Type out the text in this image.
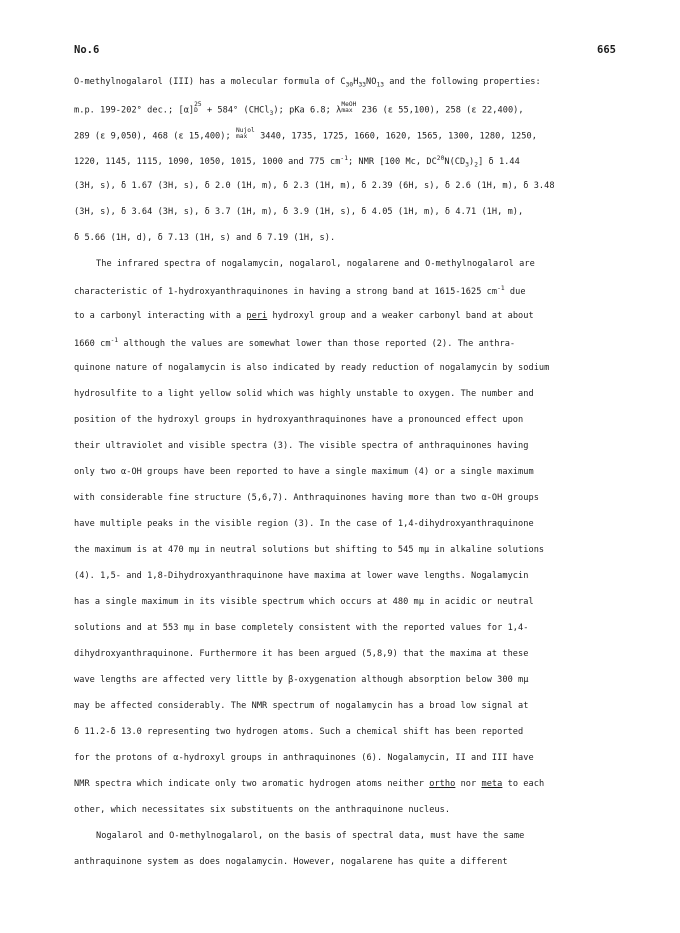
No.6	665
O-methylnogalarol (III) has a molecular formula of $C_{30}H_{33}NO_{13}$ and the following properties:
m.p. 199-202° dec.; [α]
25
D + 584° (CHCl$_3$); pKa 6.8; λ
MeOH
max 236 (ε 55,100), 258 (ε 22,400),
289 (ε 9,050), 468 (ε 15,400);
Nujol
max 3440, 1735, 1725, 1660, 1620, 1565, 1300, 1280, 1250,
1220, 1145, 1115, 1090, 1050, 1015, 1000 and 775 $cm^{-1}$; NMR [100 Mc, $DC^{20}N(CD_3)_2$] δ 1.44
(3H, s), δ 1.67 (3H, s), δ 2.0 (1H, m), δ 2.3 (1H, m), δ 2.39 (6H, s), δ 2.6 (1H, m), δ 3.48
(3H, s), δ 3.64 (3H, s), δ 3.7 (1H, m), δ 3.9 (1H, s), δ 4.05 (1H, m), δ 4.71 (1H, m),
δ 5.66 (1H, d), δ 7.13 (1H, s) and δ 7.19 (1H, s).
The infrared spectra of nogalamycin, nogalarol, nogalarene and O-methylnogalarol are
characteristic of 1-hydroxyanthraquinones in having a strong band at 1615-1625 $cm^{-1}$ due
to a carbonyl interacting with a peri hydroxyl group and a weaker carbonyl band at about
1660 $cm^{-1}$ although the values are somewhat lower than those reported (2). The anthra-
quinone nature of nogalamycin is also indicated by ready reduction of nogalamycin by sodium
hydrosulfite to a light yellow solid which was highly unstable to oxygen. The number and
position of the hydroxyl groups in hydroxyanthraquinones have a pronounced effect upon
their ultraviolet and visible spectra (3). The visible spectra of anthraquinones having
only two α-OH groups have been reported to have a single maximum (4) or a single maximum
with considerable fine structure (5,6,7). Anthraquinones having more than two α-OH groups
have multiple peaks in the visible region (3). In the case of 1,4-dihydroxyanthraquinone
the maximum is at 470 mμ in neutral solutions but shifting to 545 mμ in alkaline solutions
(4). 1,5- and 1,8-Dihydroxyanthraquinone have maxima at lower wave lengths. Nogalamycin
has a single maximum in its visible spectrum which occurs at 480 mμ in acidic or neutral
solutions and at 553 mμ in base completely consistent with the reported values for 1,4-
dihydroxyanthraquinone. Furthermore it has been argued (5,8,9) that the maxima at these
wave lengths are affected very little by β-oxygenation although absorption below 300 mμ
may be affected considerably. The NMR spectrum of nogalamycin has a broad low signal at
δ 11.2-δ 13.0 representing two hydrogen atoms. Such a chemical shift has been reported
for the protons of α-hydroxyl groups in anthraquinones (6). Nogalamycin, II and III have
NMR spectra which indicate only two aromatic hydrogen atoms neither ortho nor meta to each
other, which necessitates six substituents on the anthraquinone nucleus.
Nogalarol and O-methylnogalarol, on the basis of spectral data, must have the same
anthraquinone system as does nogalamycin. However, nogalarene has quite a different
